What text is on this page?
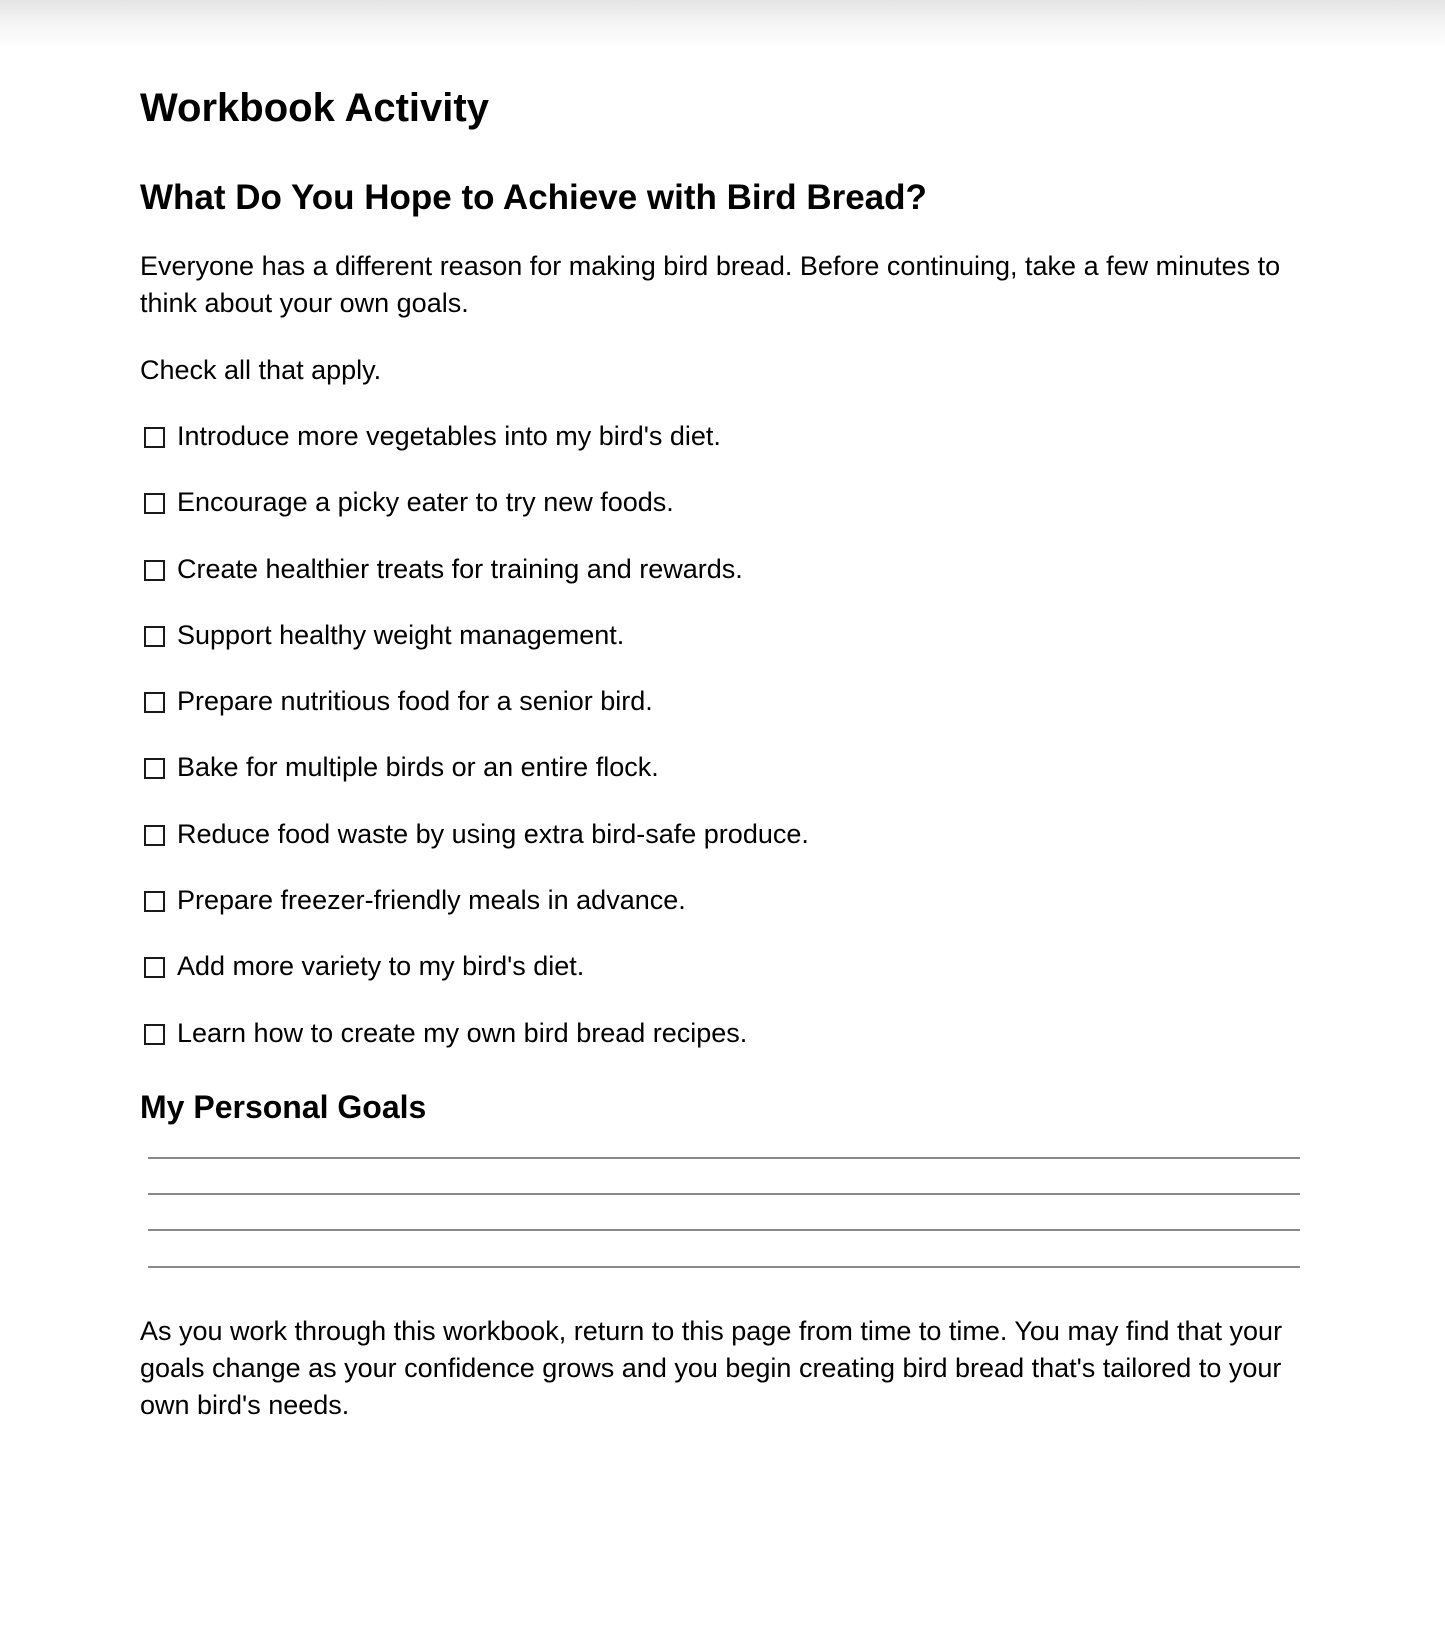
Workbook Activity
What Do You Hope to Achieve with Bird Bread?

Everyone has a different reason for making bird bread. Before continuing, take a few minutes to think about your own goals.

Check all that apply.

Introduce more vegetables into my bird's diet.
Encourage a picky eater to try new foods.
Create healthier treats for training and rewards.
Support healthy weight management.
Prepare nutritious food for a senior bird.
Bake for multiple birds or an entire flock.
Reduce food waste by using extra bird-safe produce.
Prepare freezer-friendly meals in advance.
Add more variety to my bird's diet.
Learn how to create my own bird bread recipes.
My Personal Goals

As you work through this workbook, return to this page from time to time. You may find that your goals change as your confidence grows and you begin creating bird bread that's tailored to your own bird's needs.
